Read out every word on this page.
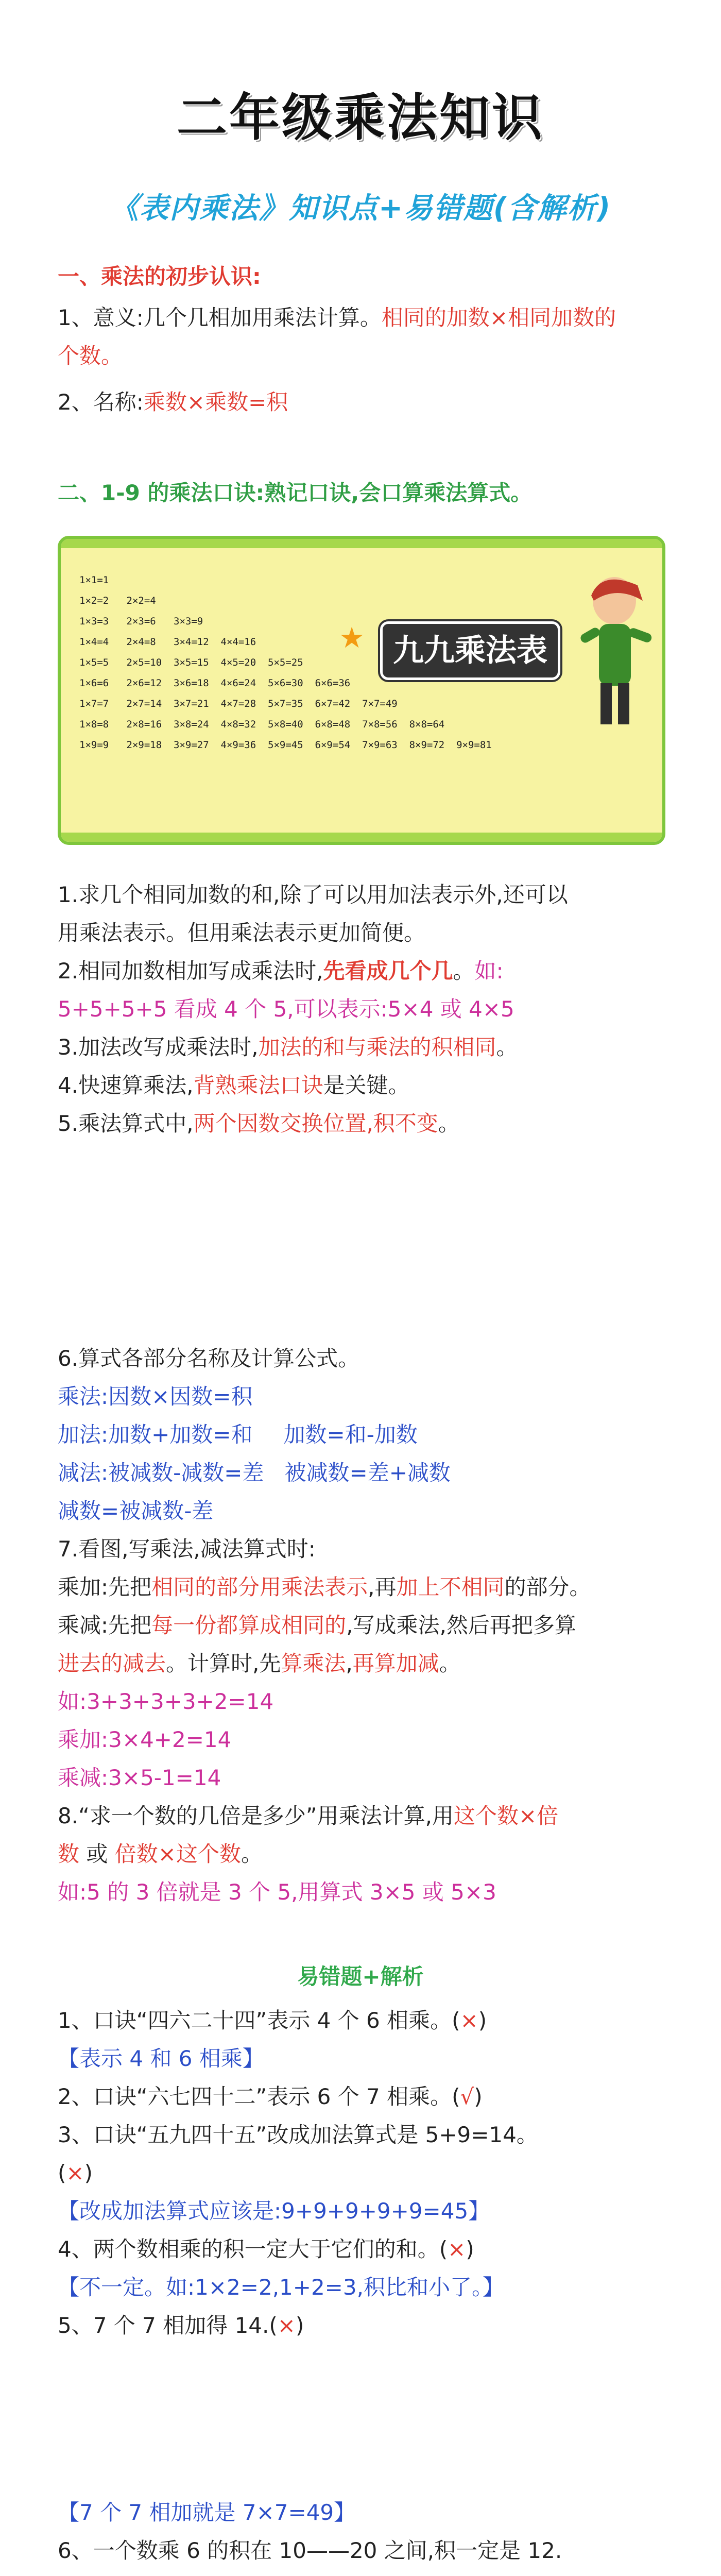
二年级乘法知识
《表内乘法》知识点+易错题(含解析)
一、乘法的初步认识:
1、意义:几个几相加用乘法计算。相同的加数×相同加数的
个数。
2、名称:乘数×乘数=积
二、1-9 的乘法口诀:熟记口诀,会口算乘法算式。
1×1=1
1×2=2   2×2=4
1×3=3   2×3=6   3×3=9
1×4=4   2×4=8   3×4=12  4×4=16
1×5=5   2×5=10  3×5=15  4×5=20  5×5=25
1×6=6   2×6=12  3×6=18  4×6=24  5×6=30  6×6=36
1×7=7   2×7=14  3×7=21  4×7=28  5×7=35  6×7=42  7×7=49
1×8=8   2×8=16  3×8=24  4×8=32  5×8=40  6×8=48  7×8=56  8×8=64
1×9=9   2×9=18  3×9=27  4×9=36  5×9=45  6×9=54  7×9=63  8×9=72  9×9=81
★ 九九乘法表
1.求几个相同加数的和,除了可以用加法表示外,还可以
用乘法表示。但用乘法表示更加简便。
2.相同加数相加写成乘法时,先看成几个几。如:
5+5+5+5 看成 4 个 5,可以表示:5×4 或 4×5
3.加法改写成乘法时,加法的和与乘法的积相同。
4.快速算乘法,背熟乘法口诀是关键。
5.乘法算式中,两个因数交换位置,积不变。
6.算式各部分名称及计算公式。
乘法:因数×因数=积
加法:加数+加数=和 加数=和-加数
减法:被减数-减数=差 被减数=差+减数
减数=被减数-差
7.看图,写乘法,减法算式时:
乘加:先把相同的部分用乘法表示,再加上不相同的部分。
乘减:先把每一份都算成相同的,写成乘法,然后再把多算
进去的减去。计算时,先算乘法,再算加减。
如:3+3+3+3+2=14
乘加:3×4+2=14
乘减:3×5-1=14
8.“求一个数的几倍是多少”用乘法计算,用这个数×倍
数 或 倍数×这个数。
如:5 的 3 倍就是 3 个 5,用算式 3×5 或 5×3
易错题+解析
1、口诀“四六二十四”表示 4 个 6 相乘。(×)
【表示 4 和 6 相乘】
2、口诀“六七四十二”表示 6 个 7 相乘。(√)
3、口诀“五九四十五”改成加法算式是 5+9=14。
(×)
【改成加法算式应该是:9+9+9+9+9=45】
4、两个数相乘的积一定大于它们的和。(×)
【不一定。如:1×2=2,1+2=3,积比和小了。】
5、7 个 7 相加得 14.(×)
【7 个 7 相加就是 7×7=49】
6、一个数乘 6 的积在 10——20 之间,积一定是 12.
